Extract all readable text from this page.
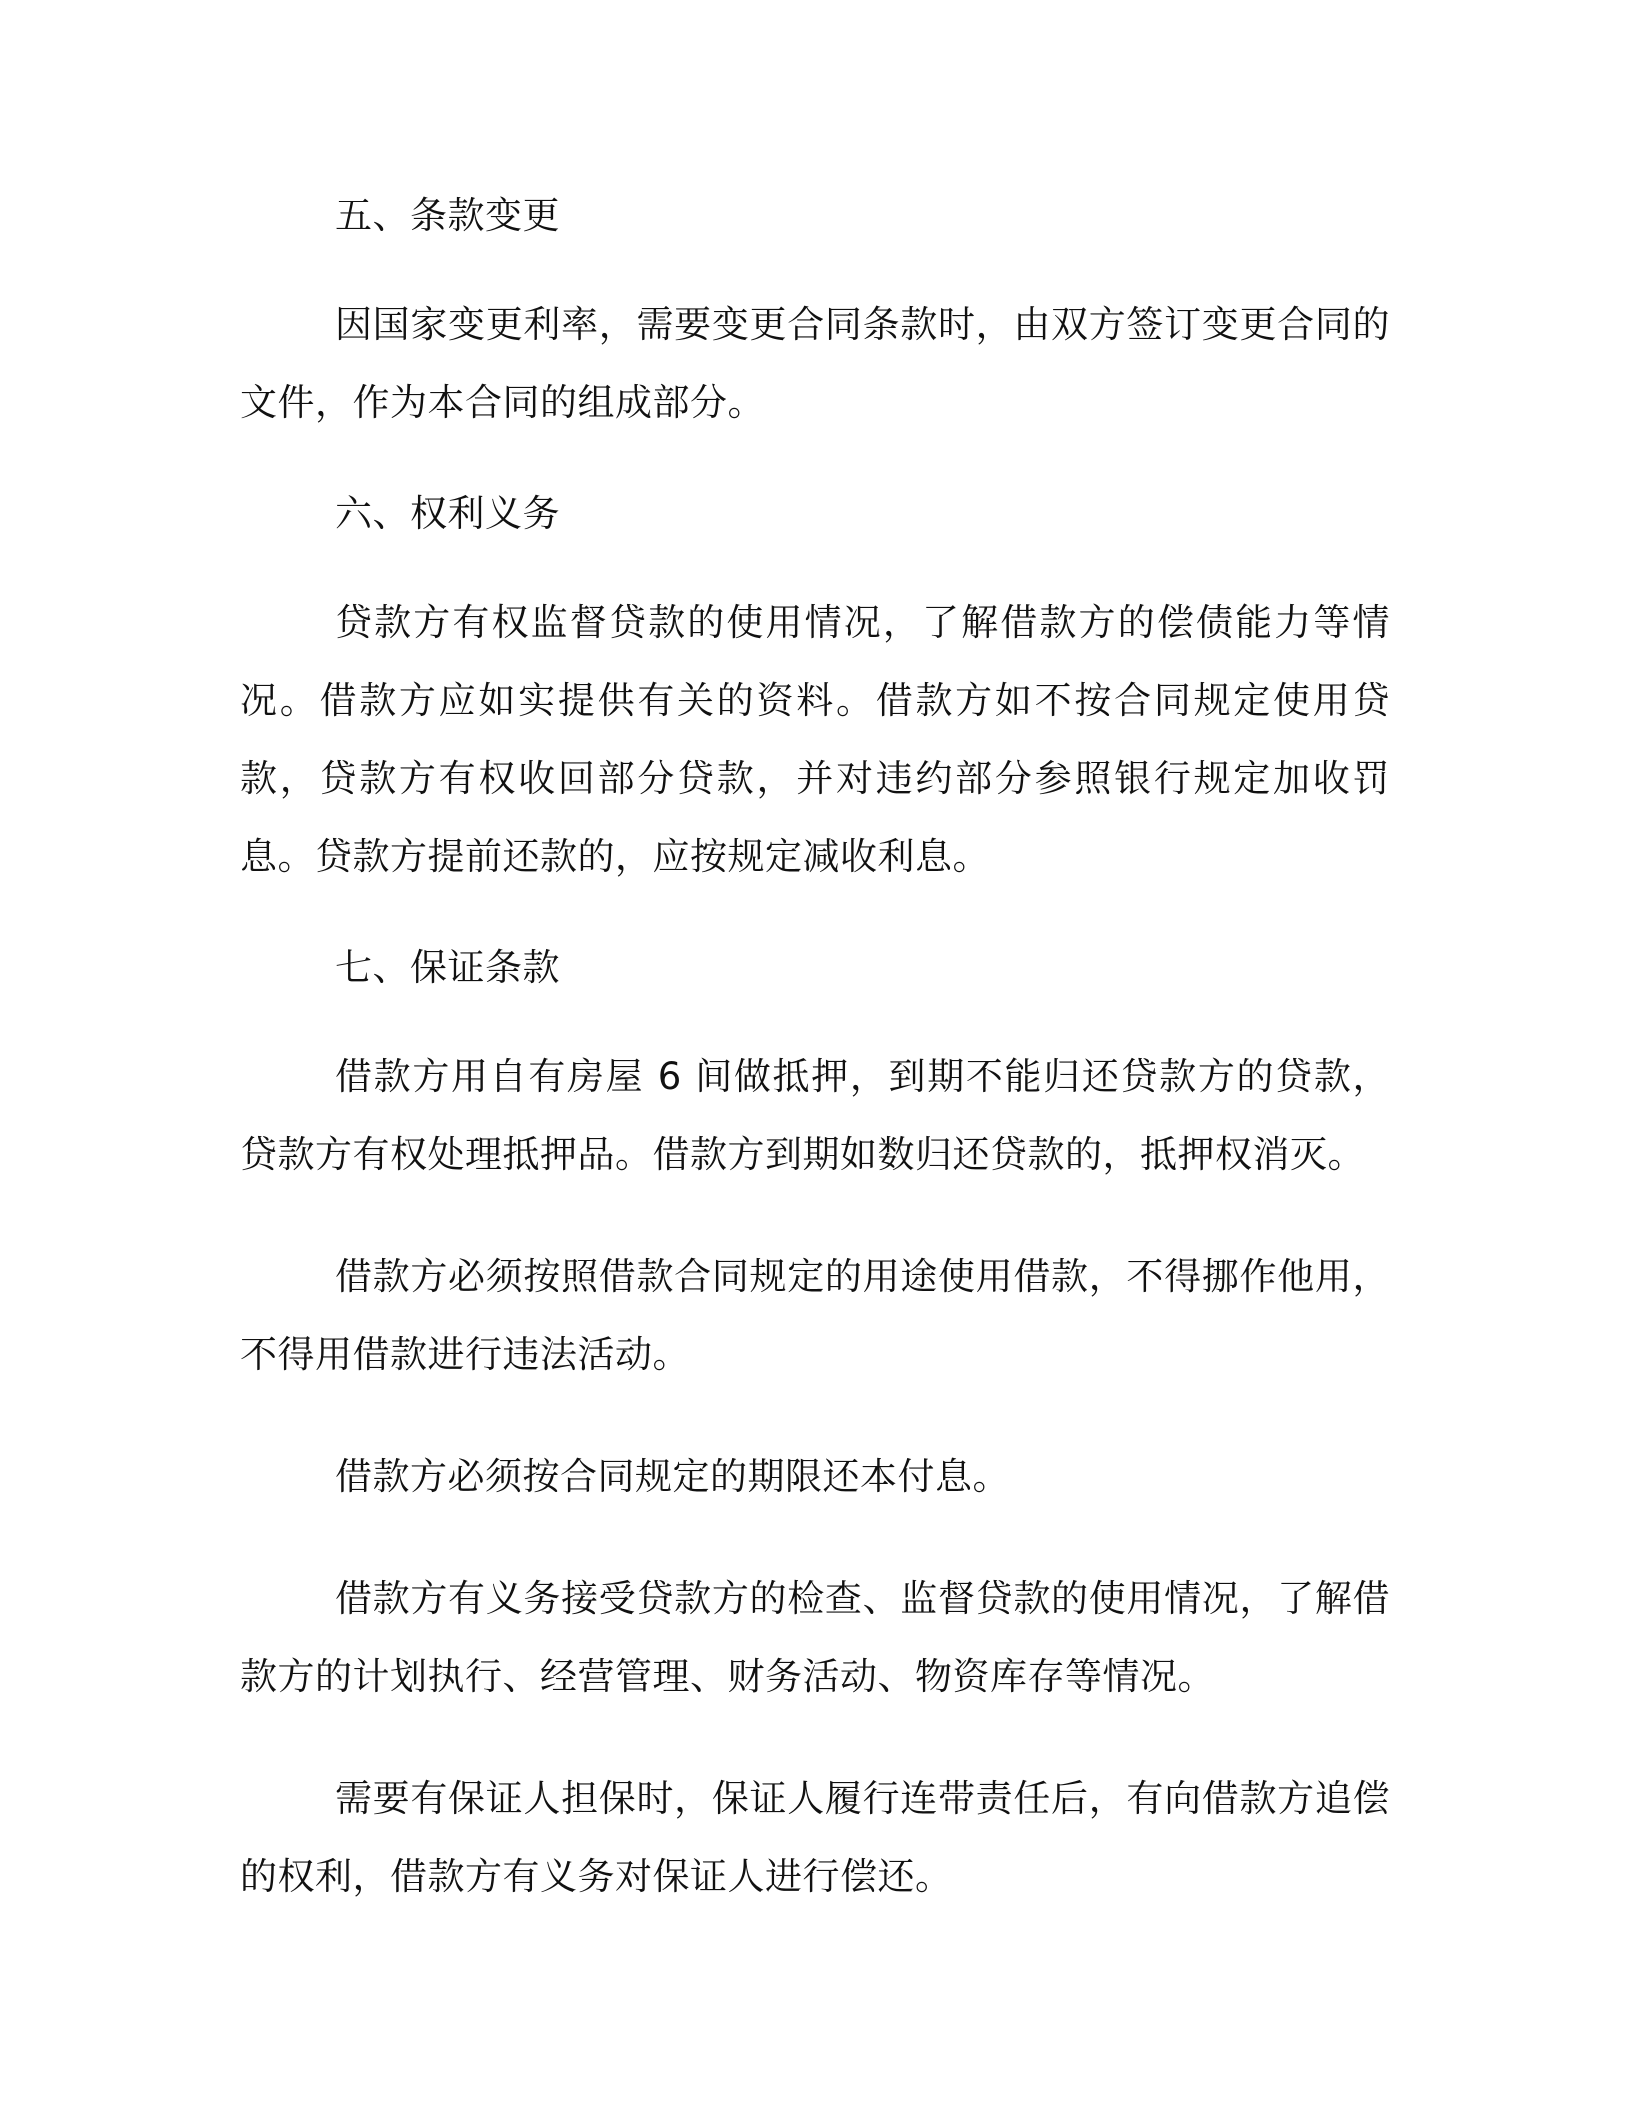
五、条款变更

因国家变更利率，需要变更合同条款时，由双方签订变更合同的文件，作为本合同的组成部分。

六、权利义务

贷款方有权监督贷款的使用情况，了解借款方的偿债能力等情况。借款方应如实提供有关的资料。借款方如不按合同规定使用贷款，贷款方有权收回部分贷款，并对违约部分参照银行规定加收罚息。贷款方提前还款的，应按规定减收利息。

七、保证条款

借款方用自有房屋 6 间做抵押，到期不能归还贷款方的贷款，贷款方有权处理抵押品。借款方到期如数归还贷款的，抵押权消灭。

借款方必须按照借款合同规定的用途使用借款，不得挪作他用，不得用借款进行违法活动。

借款方必须按合同规定的期限还本付息。

借款方有义务接受贷款方的检查、监督贷款的使用情况，了解借款方的计划执行、经营管理、财务活动、物资库存等情况。

需要有保证人担保时，保证人履行连带责任后，有向借款方追偿的权利，借款方有义务对保证人进行偿还。
